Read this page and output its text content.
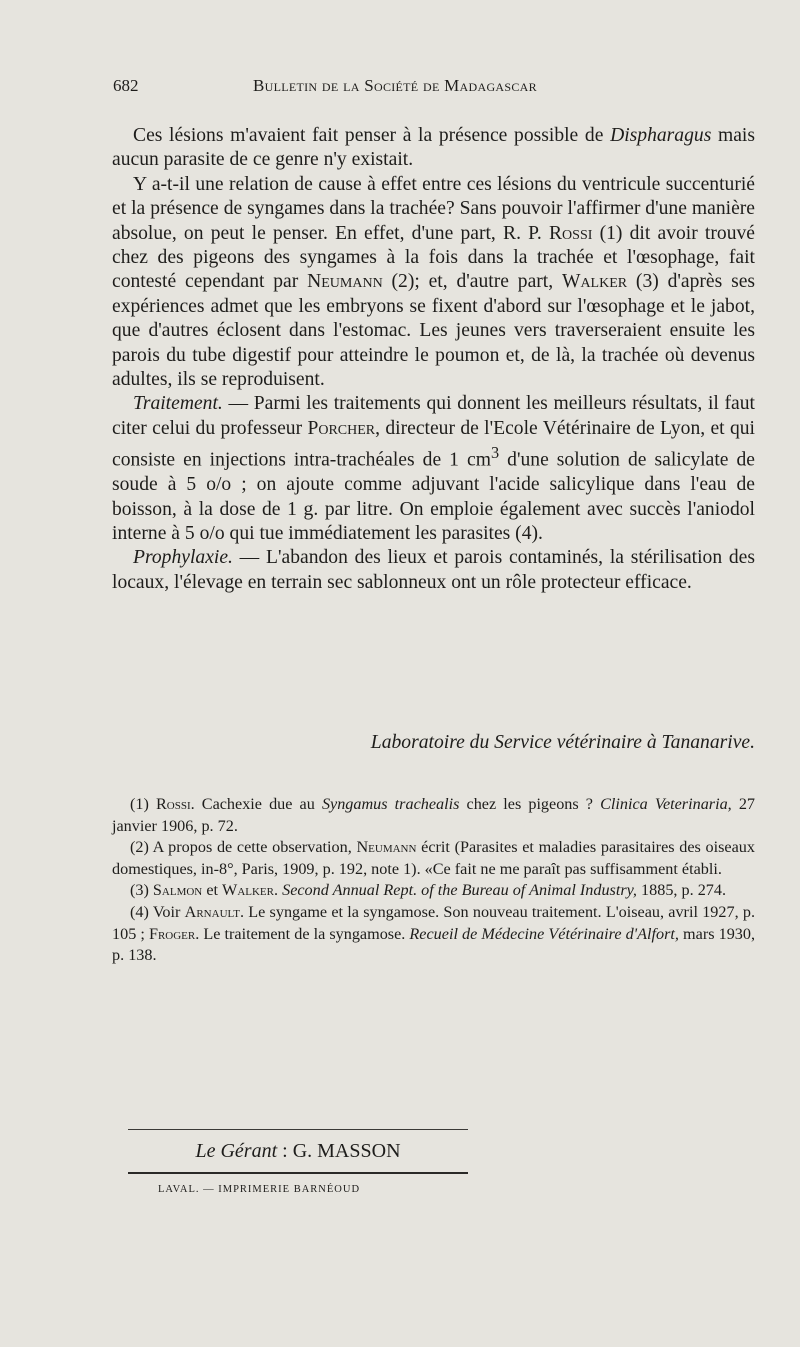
682	Bulletin de la Société de Madagascar

Ces lésions m'avaient fait penser à la présence possible de Dispharagus mais aucun parasite de ce genre n'y existait.

Y a-t-il une relation de cause à effet entre ces lésions du ventricule succenturié et la présence de syngames dans la trachée? Sans pouvoir l'affirmer d'une manière absolue, on peut le penser. En effet, d'une part, R. P. Rossi (1) dit avoir trouvé chez des pigeons des syngames à la fois dans la trachée et l'œsophage, fait contesté cependant par Neumann (2); et, d'autre part, Walker (3) d'après ses expériences admet que les embryons se fixent d'abord sur l'œsophage et le jabot, que d'autres éclosent dans l'estomac. Les jeunes vers traverseraient ensuite les parois du tube digestif pour atteindre le poumon et, de là, la trachée où devenus adultes, ils se reproduisent.

Traitement. — Parmi les traitements qui donnent les meilleurs résultats, il faut citer celui du professeur Porcher, directeur de l'Ecole Vétérinaire de Lyon, et qui consiste en injections intra-trachéales de 1 $cm^3$ d'une solution de salicylate de soude à 5 o/o ; on ajoute comme adjuvant l'acide salicylique dans l'eau de boisson, à la dose de 1 g. par litre. On emploie également avec succès l'aniodol interne à 5 o/o qui tue immédiatement les parasites (4).

Prophylaxie. — L'abandon des lieux et parois contaminés, la stérilisation des locaux, l'élevage en terrain sec sablonneux ont un rôle protecteur efficace.

Laboratoire du Service vétérinaire à Tananarive.

(1) Rossi. Cachexie due au Syngamus trachealis chez les pigeons ? Clinica Veterinaria, 27 janvier 1906, p. 72.

(2) A propos de cette observation, Neumann écrit (Parasites et maladies parasitaires des oiseaux domestiques, in-8°, Paris, 1909, p. 192, note 1). «Ce fait ne me paraît pas suffisamment établi.

(3) Salmon et Walker. Second Annual Rept. of the Bureau of Animal Industry, 1885, p. 274.

(4) Voir Arnault. Le syngame et la syngamose. Son nouveau traitement. L'oiseau, avril 1927, p. 105 ; Froger. Le traitement de la syngamose. Recueil de Médecine Vétérinaire d'Alfort, mars 1930, p. 138.

Le Gérant : G. MASSON
LAVAL. — IMPRIMERIE BARNÉOUD
